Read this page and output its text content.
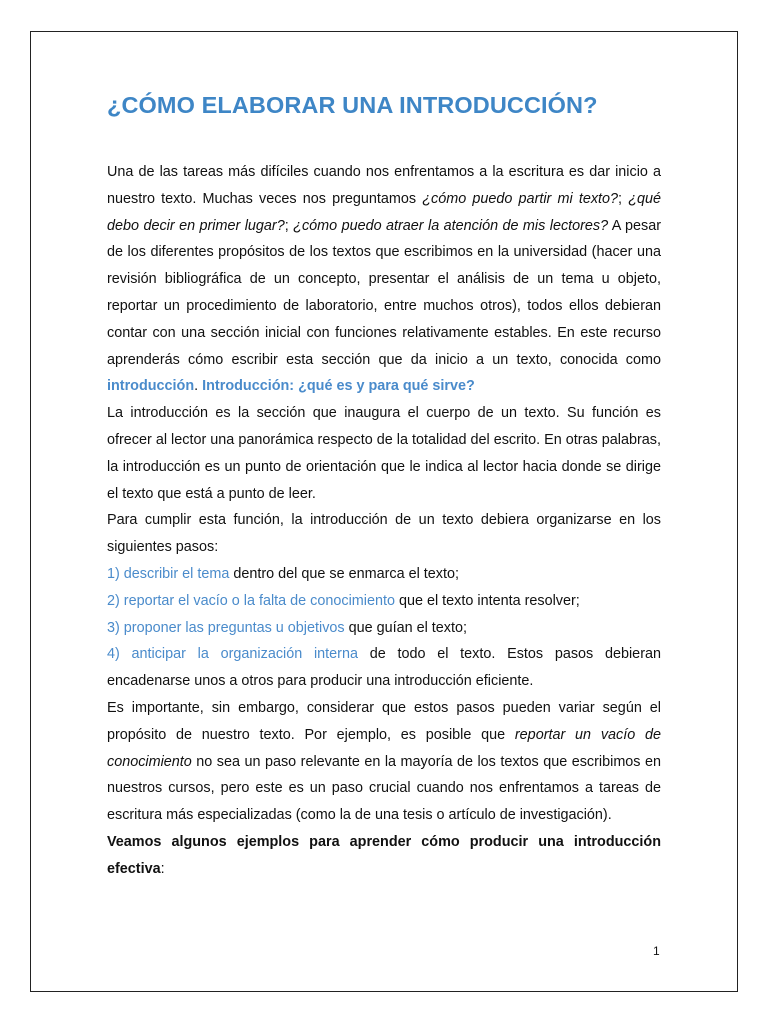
¿CÓMO ELABORAR UNA INTRODUCCIÓN?

Una de las tareas más difíciles cuando nos enfrentamos a la escritura es dar inicio a nuestro texto. Muchas veces nos preguntamos ¿cómo puedo partir mi texto?; ¿qué debo decir en primer lugar?; ¿cómo puedo atraer la atención de mis lectores? A pesar de los diferentes propósitos de los textos que escribimos en la universidad (hacer una revisión bibliográfica de un concepto, presentar el análisis de un tema u objeto, reportar un procedimiento de laboratorio, entre muchos otros), todos ellos debieran contar con una sección inicial con funciones relativamente estables. En este recurso aprenderás cómo escribir esta sección que da inicio a un texto, conocida como introducción. Introducción: ¿qué es y para qué sirve?

La introducción es la sección que inaugura el cuerpo de un texto. Su función es ofrecer al lector una panorámica respecto de la totalidad del escrito. En otras palabras, la introducción es un punto de orientación que le indica al lector hacia donde se dirige el texto que está a punto de leer.

Para cumplir esta función, la introducción de un texto debiera organizarse en los siguientes pasos:

1) describir el tema dentro del que se enmarca el texto;

2) reportar el vacío o la falta de conocimiento que el texto intenta resolver;

3) proponer las preguntas u objetivos que guían el texto;

4) anticipar la organización interna de todo el texto. Estos pasos debieran encadenarse unos a otros para producir una introducción eficiente.

Es importante, sin embargo, considerar que estos pasos pueden variar según el propósito de nuestro texto. Por ejemplo, es posible que reportar un vacío de conocimiento no sea un paso relevante en la mayoría de los textos que escribimos en nuestros cursos, pero este es un paso crucial cuando nos enfrentamos a tareas de escritura más especializadas (como la de una tesis o artículo de investigación).

Veamos algunos ejemplos para aprender cómo producir una introducción efectiva:

1
